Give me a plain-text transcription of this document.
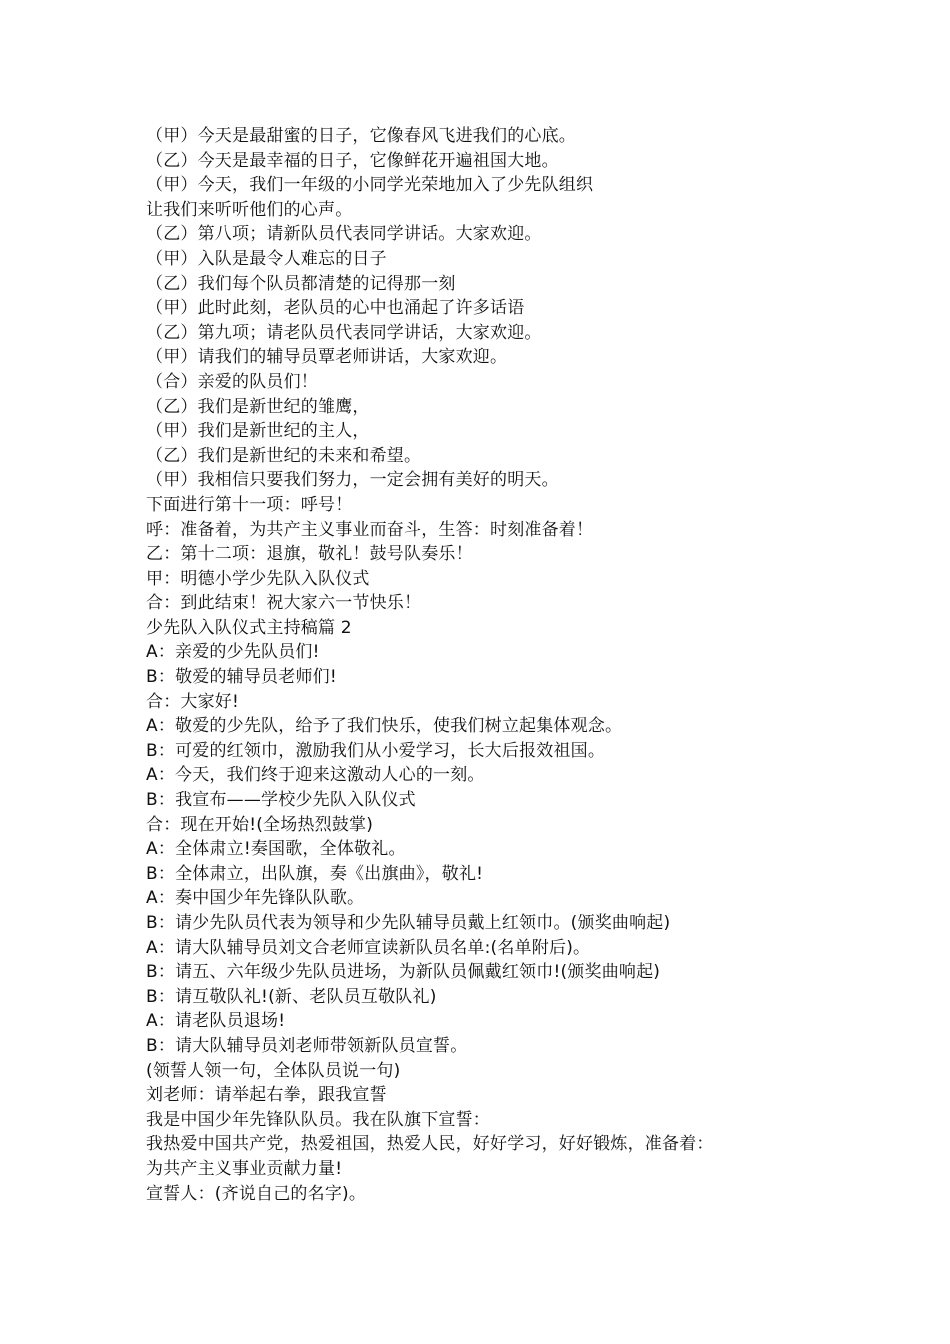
（甲）今天是最甜蜜的日子，它像春风飞进我们的心底。
（乙）今天是最幸福的日子，它像鲜花开遍祖国大地。
（甲）今天，我们一年级的小同学光荣地加入了少先队组织
让我们来听听他们的心声。
（乙）第八项；请新队员代表同学讲话。大家欢迎。
（甲）入队是最令人难忘的日子
（乙）我们每个队员都清楚的记得那一刻
（甲）此时此刻，老队员的心中也涌起了许多话语
（乙）第九项；请老队员代表同学讲话，大家欢迎。
（甲）请我们的辅导员覃老师讲话，大家欢迎。
（合）亲爱的队员们！
（乙）我们是新世纪的雏鹰，
（甲）我们是新世纪的主人，
（乙）我们是新世纪的未来和希望。
（甲）我相信只要我们努力，一定会拥有美好的明天。
下面进行第十一项：呼号！
呼：准备着，为共产主义事业而奋斗，生答：时刻准备着！
乙：第十二项：退旗，敬礼！鼓号队奏乐！
甲：明德小学少先队入队仪式
合：到此结束！祝大家六一节快乐！
少先队入队仪式主持稿篇 2
A：亲爱的少先队员们!
B：敬爱的辅导员老师们!
合：大家好!
A：敬爱的少先队，给予了我们快乐，使我们树立起集体观念。
B：可爱的红领巾，激励我们从小爱学习，长大后报效祖国。
A：今天，我们终于迎来这激动人心的一刻。
B：我宣布——学校少先队入队仪式
合：现在开始!(全场热烈鼓掌)
A：全体肃立!奏国歌，全体敬礼。
B：全体肃立，出队旗，奏《出旗曲》，敬礼!
A：奏中国少年先锋队队歌。
B：请少先队员代表为领导和少先队辅导员戴上红领巾。(颁奖曲响起)
A：请大队辅导员刘文合老师宣读新队员名单:(名单附后)。
B：请五、六年级少先队员进场，为新队员佩戴红领巾!(颁奖曲响起)
B：请互敬队礼!(新、老队员互敬队礼)
A：请老队员退场!
B：请大队辅导员刘老师带领新队员宣誓。
(领誓人领一句，全体队员说一句)
刘老师：请举起右拳，跟我宣誓
我是中国少年先锋队队员。我在队旗下宣誓：
我热爱中国共产党，热爱祖国，热爱人民，好好学习，好好锻炼，准备着：
为共产主义事业贡献力量!
宣誓人：(齐说自己的名字)。
